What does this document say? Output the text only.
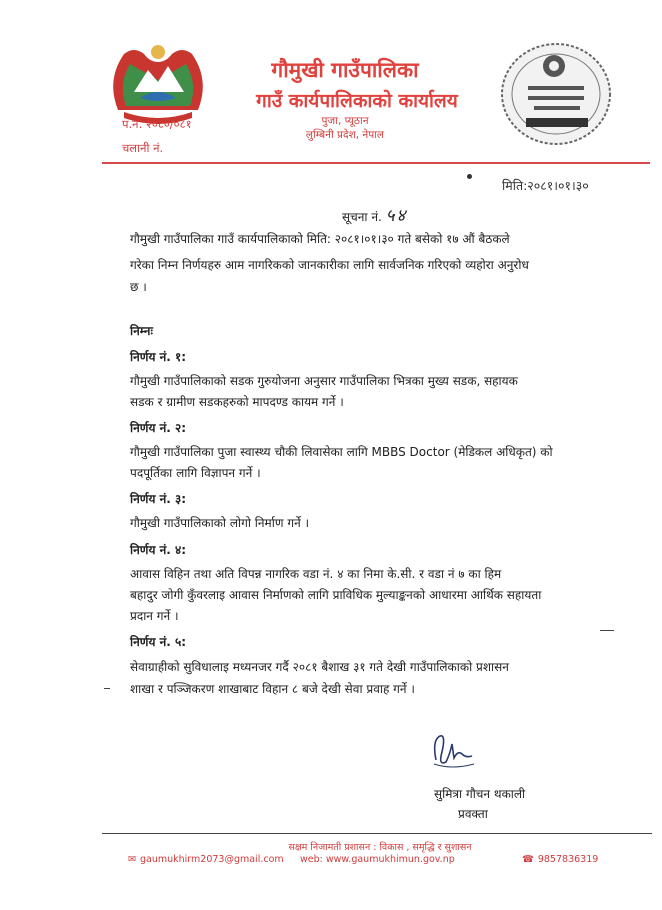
गौमुखी गाउँपालिका
गाउँ कार्यपालिकाको कार्यालय
पुजा, प्यूठान
लुम्बिनी प्रदेश, नेपाल
प.नं. २०८०/०८१
चलानी नं.
मिति:२०८१।०१।३०
सूचना नं. ५४
गौमुखी गाउँपालिका गाउँ कार्यपालिकाको मिति: २०८१।०१।३० गते बसेको १७ औं बैठकले
गरेका निम्न निर्णयहरु आम नागरिकको जानकारीका लागि सार्वजनिक गरिएको व्यहोरा अनुरोध
छ ।
निम्नः
निर्णय नं. १:
गौमुखी गाउँपालिकाको सडक गुरुयोजना अनुसार गाउँपालिका भित्रका मुख्य सडक, सहायक
सडक र ग्रामीण सडकहरुको मापदण्ड कायम गर्ने ।
निर्णय नं. २:
गौमुखी गाउँपालिका पुजा स्वास्थ्य चौकी लिवासेका लागि MBBS Doctor (मेडिकल अधिकृत) को
पदपूर्तिका लागि विज्ञापन गर्ने ।
निर्णय नं. ३:
गौमुखी गाउँपालिकाको लोगो निर्माण गर्ने ।
निर्णय नं. ४:
आवास विहिन तथा अति विपन्न नागरिक वडा नं. ४ का निमा के.सी. र वडा नं ७ का हिम
बहादुर जोगी कुँवरलाइ आवास निर्माणको लागि प्राविधिक मुल्याङ्कनको आधारमा आर्थिक सहायता
प्रदान गर्ने ।
निर्णय नं. ५:
सेवाग्राहीको सुविधालाइ मध्यनजर गर्दै २०८१ बैशाख ३१ गते देखी गाउँपालिकाको प्रशासन
शाखा र पञ्जिकरण शाखाबाट विहान ८ बजे देखी सेवा प्रवाह गर्ने ।
सुमित्रा गौचन थकाली
प्रवक्ता
सक्षम निजामती प्रशासन : विकास , समृद्धि र सुशासन
✉ gaumukhirm2073@gmail.com web: www.gaumukhimun.gov.np	☎ 9857836319
